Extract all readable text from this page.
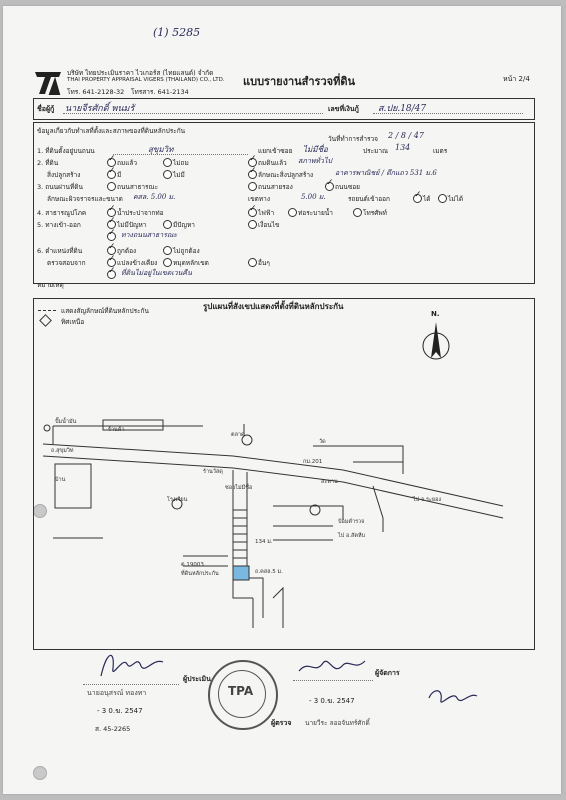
(1) 5285
บริษัท ไทยประเมินราคา ไวเกอร์ส (ไทยแลนด์) จำกัด
THAI PROPERTY APPRAISAL VIGERS (THAILAND) CO., LTD.
โทร. 641-2128-32 โทรสาร. 641-2134
แบบรายงานสำรวจที่ดิน	หน้า 2/4
ชื่อผู้กู้ นายจีรศักดิ์ พนมรั	เลขที่เงินกู้ ส.ปย.18/47
ข้อมูลเกี่ยวกับทำเลที่ตั้งและสภาพของที่ดินหลักประกัน
วันที่ทำการสำรวจ 2 / 8 / 47
1. ที่ดินตั้งอยู่บนถนน	สุขุมวิท	แยกเข้าซอย ไม่มีชื่อ	ประมาณ 134	เมตร
2. ที่ดิน ✓	ถมแล้ว	ไม่ถม ✓	ถมดินแล้ว สภาพทั่วไป
สิ่งปลูกสร้าง ✓	มี	ไม่มี ✓	ลักษณะสิ่งปลูกสร้าง	อาคารพาณิชย์ / ตึกแถว 531 ม.6
3. ถนนผ่านที่ดิน	ถนนสาธารณะ	ถนนสายรอง ✓	ถนนซอย
ลักษณะผิวจราจรและขนาด คสล. 5.00 ม.	เขตทาง	5.00 ม.	รถยนต์เข้าออก ✓	ได้	ไม่ได้
4. สาธารณูปโภค ✓	น้ำประปาจากท่อ ✓	ไฟฟ้า	ท่อระบายน้ำ	โทรศัพท์
5. ทางเข้า-ออก ✓	ไม่มีปัญหา	มีปัญหา	เงื่อนไข
✓
ทางถนนสาธารณะ
6. ตำแหน่งที่ดิน ✓	ถูกต้อง	ไม่ถูกต้อง
ตรวจสอบจาก ✓	แปลงข้างเคียง หมุดหลักเขต	อื่นๆ
✓
ที่ดินไม่อยู่ในเขตเวนคืน
หมายเหตุ
รูปแผนที่สังเขปแสดงที่ตั้งที่ดินหลักประกัน
แสดงสัญลักษณ์ที่ดินหลักประกัน
ทิศเหนือ
N.
ตลาด
วัด
กม.201
ปั๊มน้ำมัน
ร้านค้า
ถ.สุขุมวิท
บ้าน
ร้านวัสดุ
โรงเรียน
ซอยไม่มีชื่อ
สะพาน
ไป จ.ระยอง
ป้อมตำรวจ
ไป อ.สัตหีบ
134 ม.
ต.19003
ที่ดินหลักประกัน	ถ.คสล.5 ม.
ผู้ประเมิน
นายอนุสรณ์ ทองทา
- 3 0.ฆ. 2547
ส. 45-2265
TPA
ผู้จัดการ
- 3 0.ฆ. 2547
นายวีระ ลออจันทร์ศักดิ์
ผู้ตรวจ
